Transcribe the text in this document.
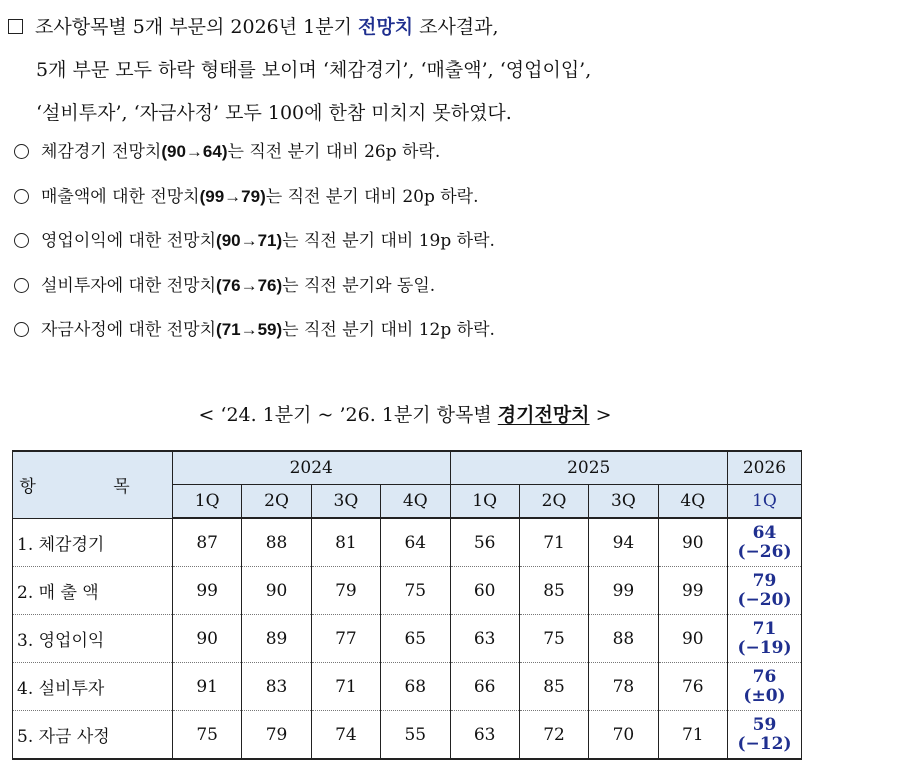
조사항목별 5개 부문의 2026년 1분기 전망치 조사결과,
5개 부문 모두 하락 형태를 보이며 ‘체감경기’, ‘매출액’, ‘영업이입’,
‘설비투자’, ‘자금사정’ 모두 100에 한참 미치지 못하였다.
체감경기 전망치(90→64)는 직전 분기 대비 26p 하락.
매출액에 대한 전망치(99→79)는 직전 분기 대비 20p 하락.
영업이익에 대한 전망치(90→71)는 직전 분기 대비 19p 하락.
설비투자에 대한 전망치(76→76)는 직전 분기와 동일.
자금사정에 대한 전망치(71→59)는 직전 분기 대비 12p 하락.
< ‘24. 1분기 ~ ’26. 1분기 항목별 경기전망치 >
항 목	2024				2025				2026
	1Q	2Q	3Q	4Q	1Q	2Q	3Q	4Q	1Q
1. 체감경기	87	88	81	64	56	71	94	90	64
(−26)

2. 매 출 액	99	90	79	75	60	85	99	99	79
(−20)

3. 영업이익	90	89	77	65	63	75	88	90	71
(−19)

4. 설비투자	91	83	71	68	66	85	78	76	76
(±0)

5. 자금 사정	75	79	74	55	63	72	70	71	59
(−12)
